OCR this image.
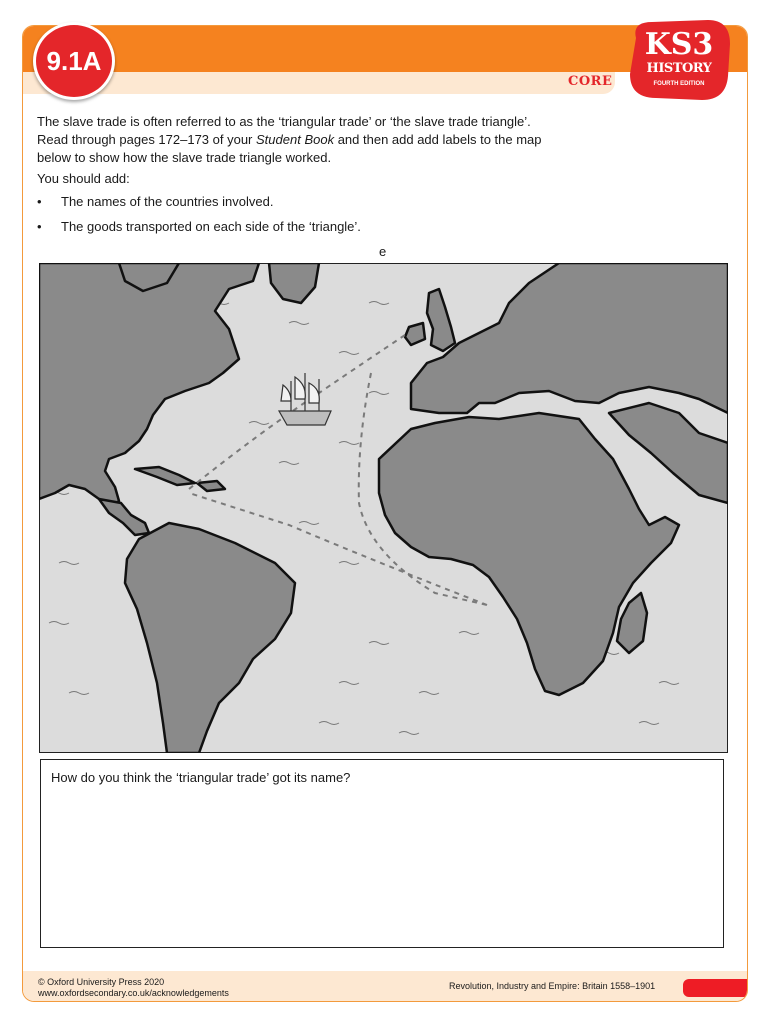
9.1A
CORE
KS3
HISTORY
FOURTH EDITION

The slave trade is often referred to as the ‘triangular trade’ or ‘the slave trade triangle’.
Read through pages 172–173 of your Student Book and then add add labels to the map
below to show how the slave trade triangle worked.

You should add:

• The names of the countries involved.
• The goods transported on each side of the ‘triangle’.
e
How do you think the ‘triangular trade’ got its name?
© Oxford University Press 2020
www.oxfordsecondary.co.uk/acknowledgements
Revolution, Industry and Empire: Britain 1558–1901
